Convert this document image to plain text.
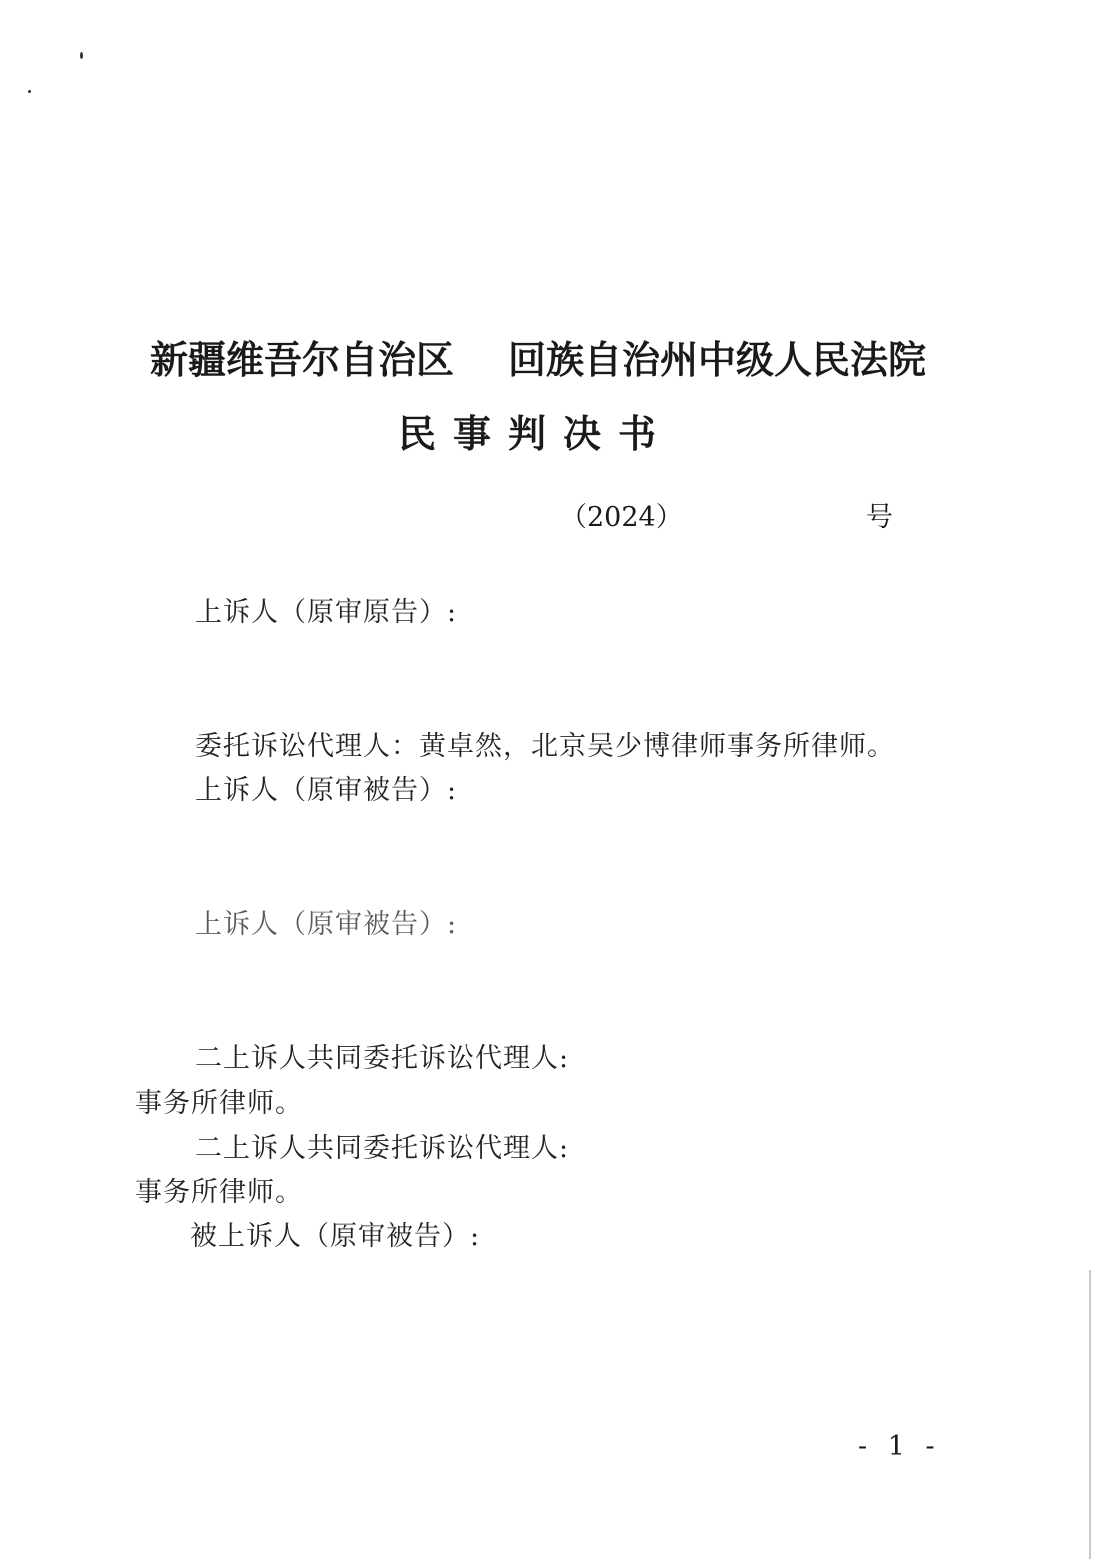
新疆维吾尔自治区 回族自治州中级人民法院
民事判决书
（2024）	号
上诉人（原审原告）:
委托诉讼代理人：黄卓然，北京吴少博律师事务所律师。
上诉人（原审被告）:
上诉人（原审被告）:
二上诉人共同委托诉讼代理人:
事务所律师。
二上诉人共同委托诉讼代理人:
事务所律师。
被上诉人（原审被告）:
- 1 -
